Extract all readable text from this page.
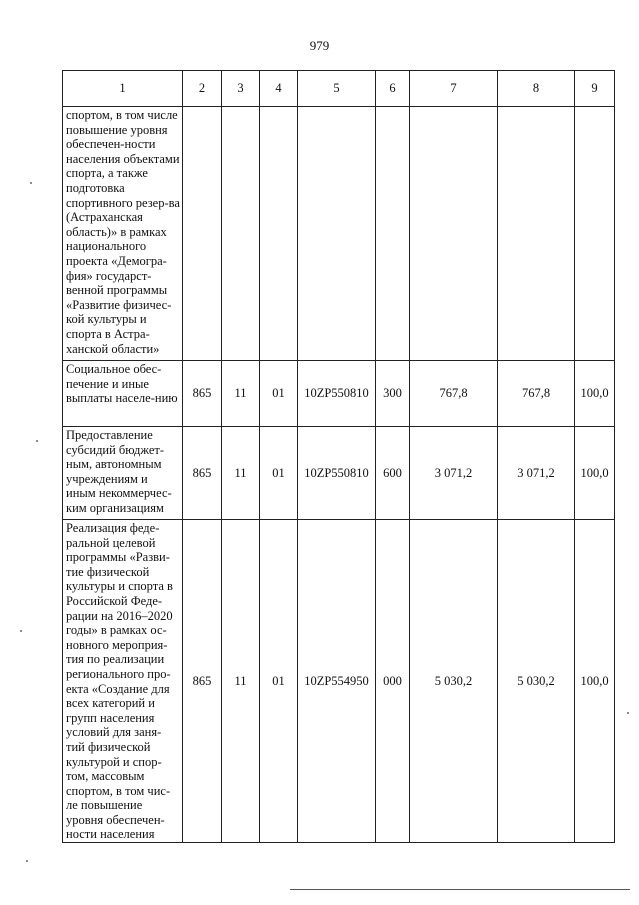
979
1	2	3	4	5	6	7	8	9
спортом, в том числе повышение уровня обеспечен-ности населения объектами спорта, а также подготовка спортивного резер-ва (Астраханская область)» в рамках национального проекта «Демогра-фия» государст-венной программы «Развитие физичес-кой культуры и спорта в Астра-ханской области»								
Социальное обес-печение и иные выплаты населе-нию	865	11	01	10ZP550810	300	767,8	767,8	100,0
Предоставление субсидий бюджет-ным, автономным учреждениям и иным некоммерчес-ким организациям	865	11	01	10ZP550810	600	3 071,2	3 071,2	100,0
Реализация феде-ральной целевой программы «Разви-тие физической культуры и спорта в Российской Феде-рации на 2016–2020 годы» в рамках ос-новного мероприя-тия по реализации регионального про-екта «Создание для всех категорий и групп населения условий для заня-тий физической культурой и спор-том, массовым спортом, в том чис-ле повышение уровня обеспечен-ности населения	865	11	01	10ZP554950	000	5 030,2	5 030,2	100,0
